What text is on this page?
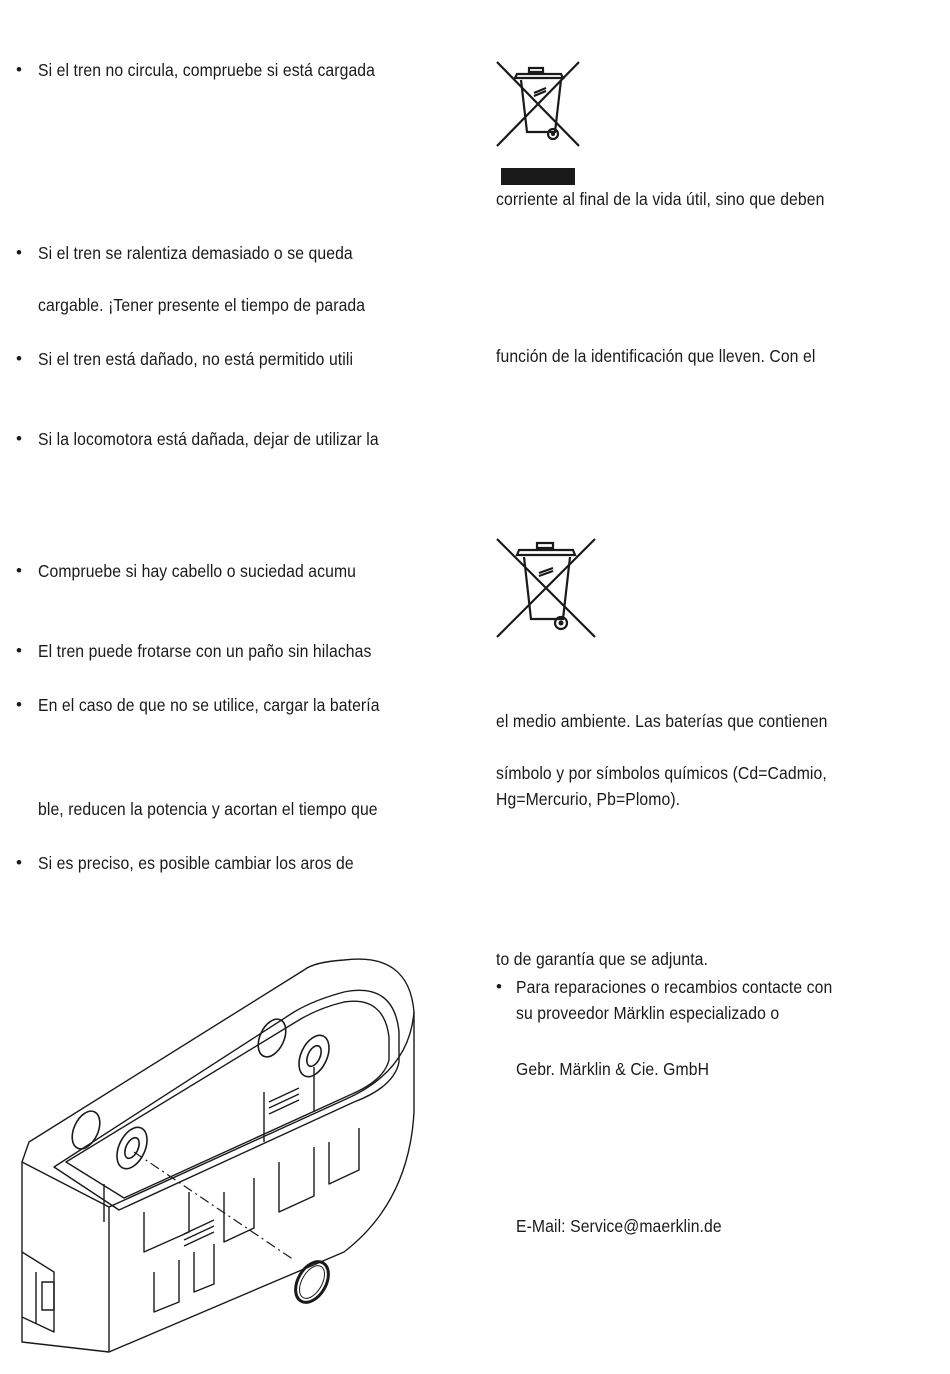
• Si el tren no circula, compruebe si está cargada
• Si el tren se ralentiza demasiado o se queda
cargable. ¡Tener presente el tiempo de parada
• Si el tren está dañado, no está permitido utili
• Si la locomotora está dañada, dejar de utilizar la
• Compruebe si hay cabello o suciedad acumu
• El tren puede frotarse con un paño sin hilachas
• En el caso de que no se utilice, cargar la batería
ble, reducen la potencia y acortan el tiempo que
• Si es preciso, es posible cambiar los aros de
corriente al final de la vida útil, sino que deben
función de la identificación que lleven. Con el
el medio ambiente. Las baterías que contienen
símbolo y por símbolos químicos (Cd=Cadmio,
Hg=Mercurio, Pb=Plomo).
to de garantía que se adjunta.
• Para reparaciones o recambios contacte con
su proveedor Märklin especializado o
Gebr. Märklin & Cie. GmbH
E-Mail: Service@maerklin.de
